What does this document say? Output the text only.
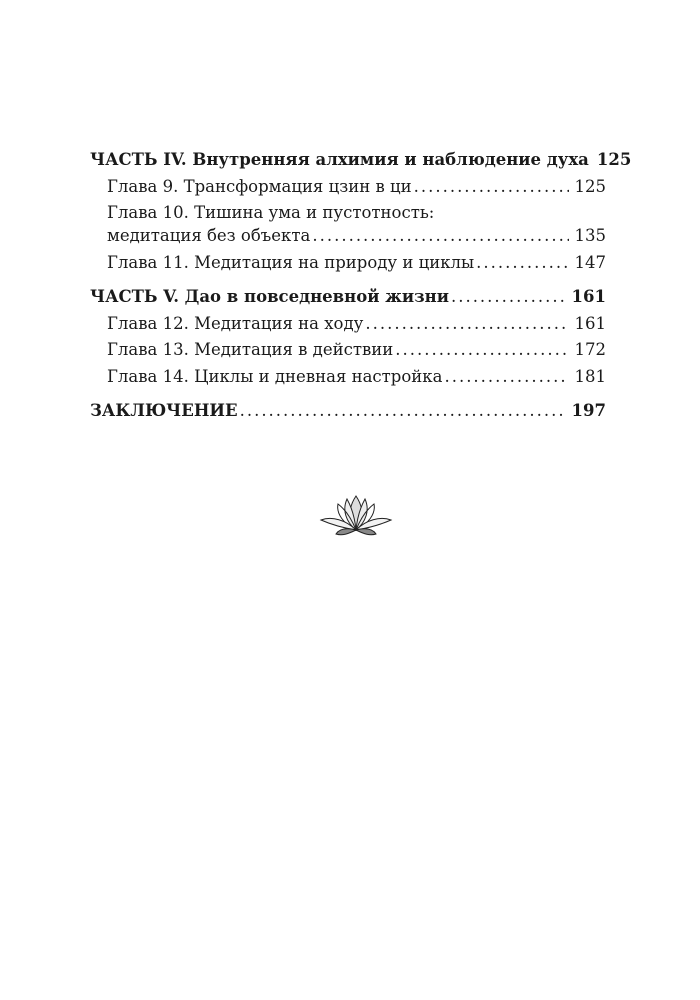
ЧАСТЬ IV. Внутренняя алхимия и наблюдение духа 125
Глава 9. Трансформация цзин в ци .....	125
Глава 10. Тишина ума и пустотность:
медитация без объекта .....	135
Глава 11. Медитация на природу и циклы .....	147
ЧАСТЬ V. Дао в повседневной жизни .....	161
Глава 12. Медитация на ходу .....	161
Глава 13. Медитация в действии .....	172
Глава 14. Циклы и дневная настройка .....	181
ЗАКЛЮЧЕНИЕ .....	197
